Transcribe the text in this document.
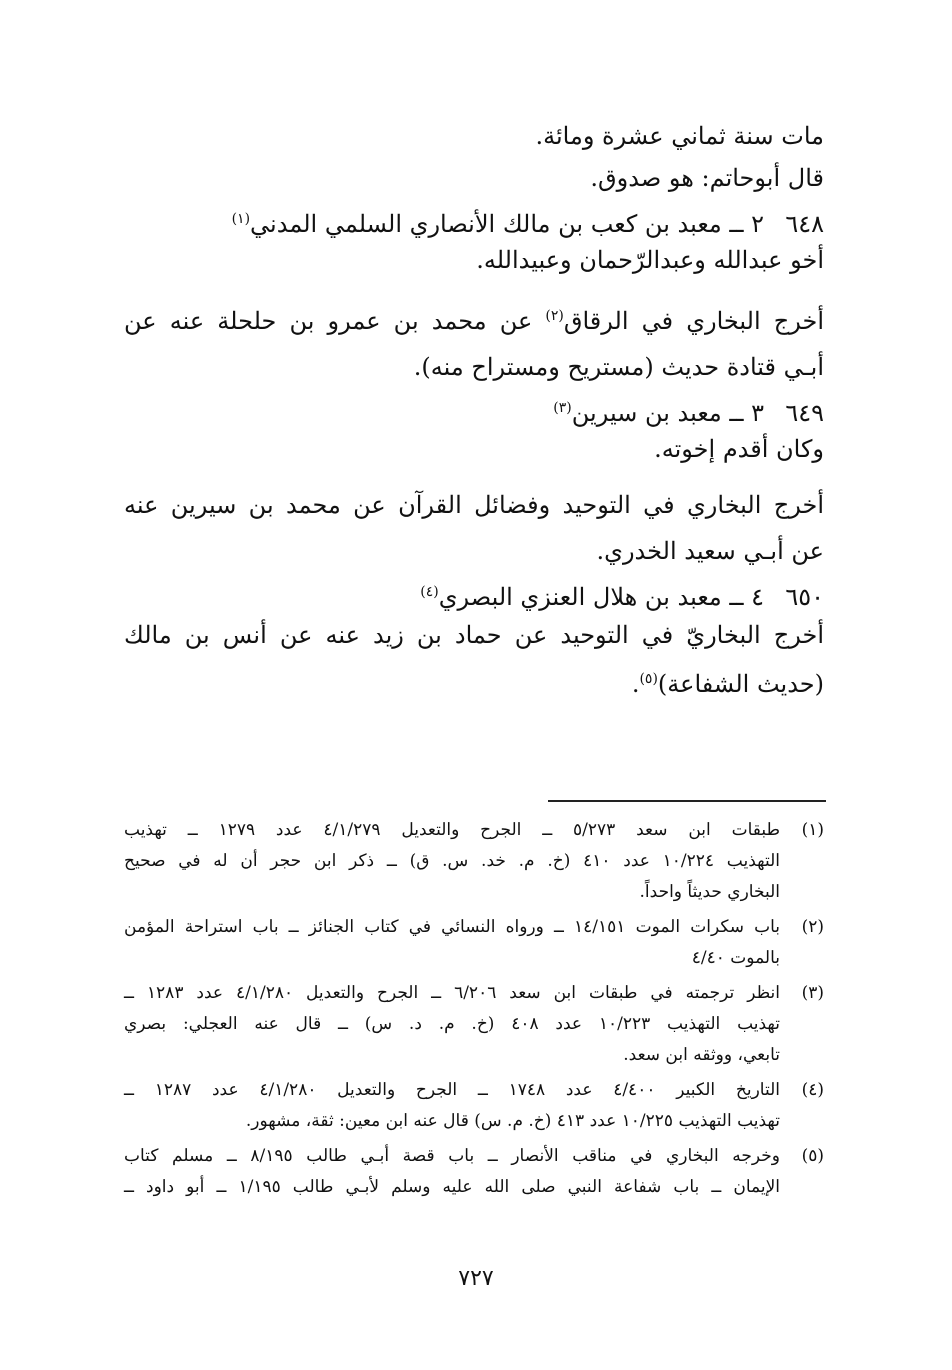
مات سنة ثماني عشرة ومائة.
قال أبوحاتم: هو صدوق.
٦٤٨
٢ ــ معبد بن كعب بن مالك الأنصاري السلمي المدني$^{(١)}$
أخو عبدالله وعبدالرّحمان وعبيدالله.
أخرج البخاري في الرقاق$^{(٢)}$ عن محمد بن عمرو بن حلحلة عنه عن
أبـي قتادة حديث (مستريح ومستراح منه).
٦٤٩
٣ ــ معبد بن سيرين$^{(٣)}$
وكان أقدم إخوته.
أخرج البخاري في التوحيد وفضائل القرآن عن محمد بن سيرين عنه
عن أبـي سعيد الخدري.
٦٥٠
٤ ــ معبد بن هلال العنزي البصري$^{(٤)}$
أخرج البخاريّ في التوحيد عن حماد بن زيد عنه عن أنس بن مالك
(حديث الشفاعة)$^{(٥)}$.
(١)
طبقات ابن سعد ٥/٢٧٣ ــ الجرح والتعديل ٤/١/٢٧٩ عدد ١٢٧٩ ــ تهذيب
التهذيب ١٠/٢٢٤ عدد ٤١٠ (خ. م. خد. س. ق) ــ ذكر ابن حجر أن له في صحيح
البخاري حديثاً واحداً.
(٢)
باب سكرات الموت ١٤/١٥١ ــ ورواه النسائي في كتاب الجنائز ــ باب استراحة المؤمن
بالموت ٤/٤٠
(٣)
انظر ترجمته في طبقات ابن سعد ٦/٢٠٦ ــ الجرح والتعديل ٤/١/٢٨٠ عدد ١٢٨٣ ــ
تهذيب التهذيب ١٠/٢٢٣ عدد ٤٠٨ (خ. م. د. س) ــ قال عنه العجلي: بصري
تابعي، ووثقه ابن سعد.
(٤)
التاريخ الكبير ٤/٤٠٠ عدد ١٧٤٨ ــ الجرح والتعديل ٤/١/٢٨٠ عدد ١٢٨٧ ــ
تهذيب التهذيب ١٠/٢٢٥ عدد ٤١٣ (خ. م. س) قال عنه ابن معين: ثقة، مشهور.
(٥)
وخرجه البخاري في مناقب الأنصار ــ باب قصة أبـي طالب ٨/١٩٥ ــ مسلم كتاب
الإيمان ــ باب شفاعة النبي صلى الله عليه وسلم لأبـي طالب ١/١٩٥ ــ أبو داود ــ
٧٢٧
